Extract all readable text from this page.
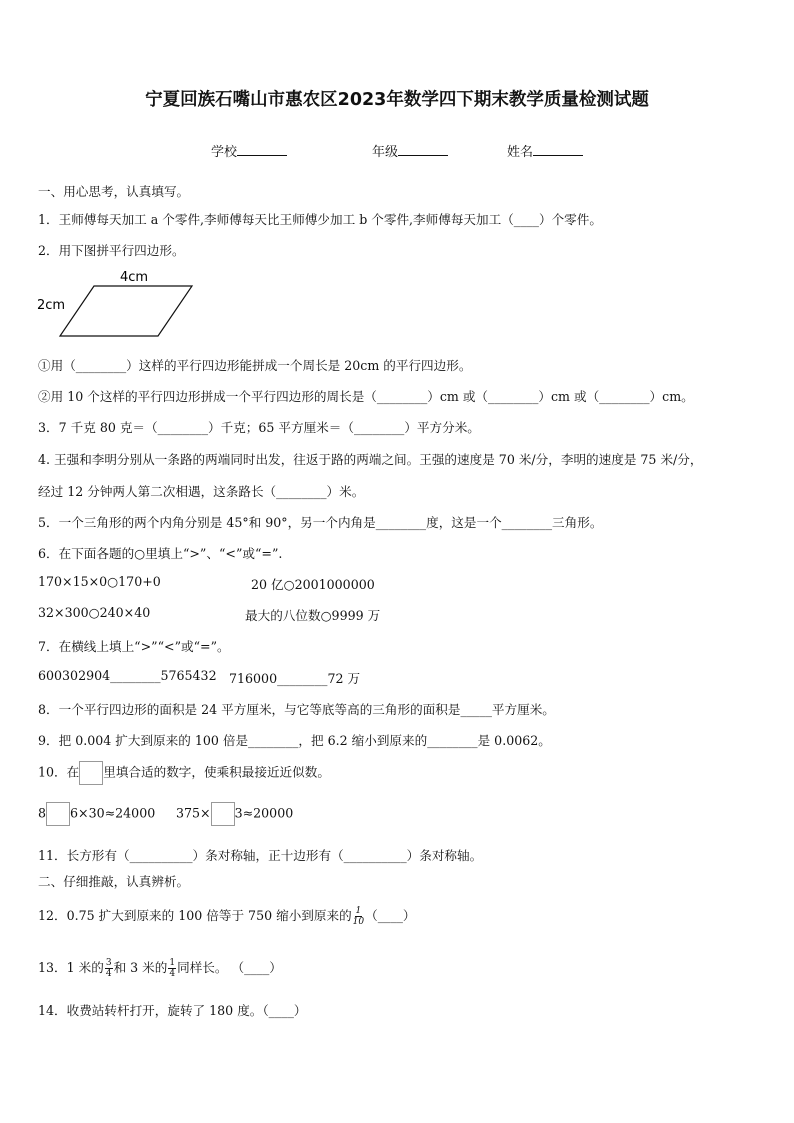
宁夏回族石嘴山市惠农区2023年数学四下期末教学质量检测试题
学校	年级	姓名
一、用心思考，认真填写。
1．王师傅每天加工 a 个零件,李师傅每天比王师傅少加工 b 个零件,李师傅每天加工（____）个零件。
2．用下图拼平行四边形。
4cm
2cm
①用（________）这样的平行四边形能拼成一个周长是 20cm 的平行四边形。
②用 10 个这样的平行四边形拼成一个平行四边形的周长是（________）cm 或（________）cm 或（________）cm。
3．7 千克 80 克＝（________）千克；65 平方厘米＝（________）平方分米。
4. 王强和李明分别从一条路的两端同时出发，往返于路的两端之间。王强的速度是 70 米/分，李明的速度是 75 米/分，
经过 12 分钟两人第二次相遇，这条路长（________）米。
5．一个三角形的两个内角分别是 45°和 90°，另一个内角是________度，这是一个________三角形。
6．在下面各题的○里填上“>”、“<”或“=”.
170×15×0○170+0	20 亿○2001000000
32×300○240×40	最大的八位数○9999 万
7．在横线上填上“>”“<”或“=”。
600302904________5765432 716000________72 万
8．一个平行四边形的面积是 24 平方厘米，与它等底等高的三角形的面积是_____平方厘米。
9．把 0.004 扩大到原来的 100 倍是________，把 6.2 缩小到原来的________是 0.0062。
10．在 里填合适的数字，使乘积最接近近似数。
8 6×30≈24000 375× 3≈20000
11．长方形有（__________）条对称轴，正十边形有（__________）条对称轴。
二、仔细推敲，认真辨析。
12．0.75 扩大到原来的 100 倍等于 750 缩小到原来的 $\frac{1}{10}$ （____）
13．1 米的 $\frac{3}{4}$ 和 3 米的 $\frac{1}{4}$ 同样长。 （____）
14．收费站转杆打开，旋转了 180 度。（____）
